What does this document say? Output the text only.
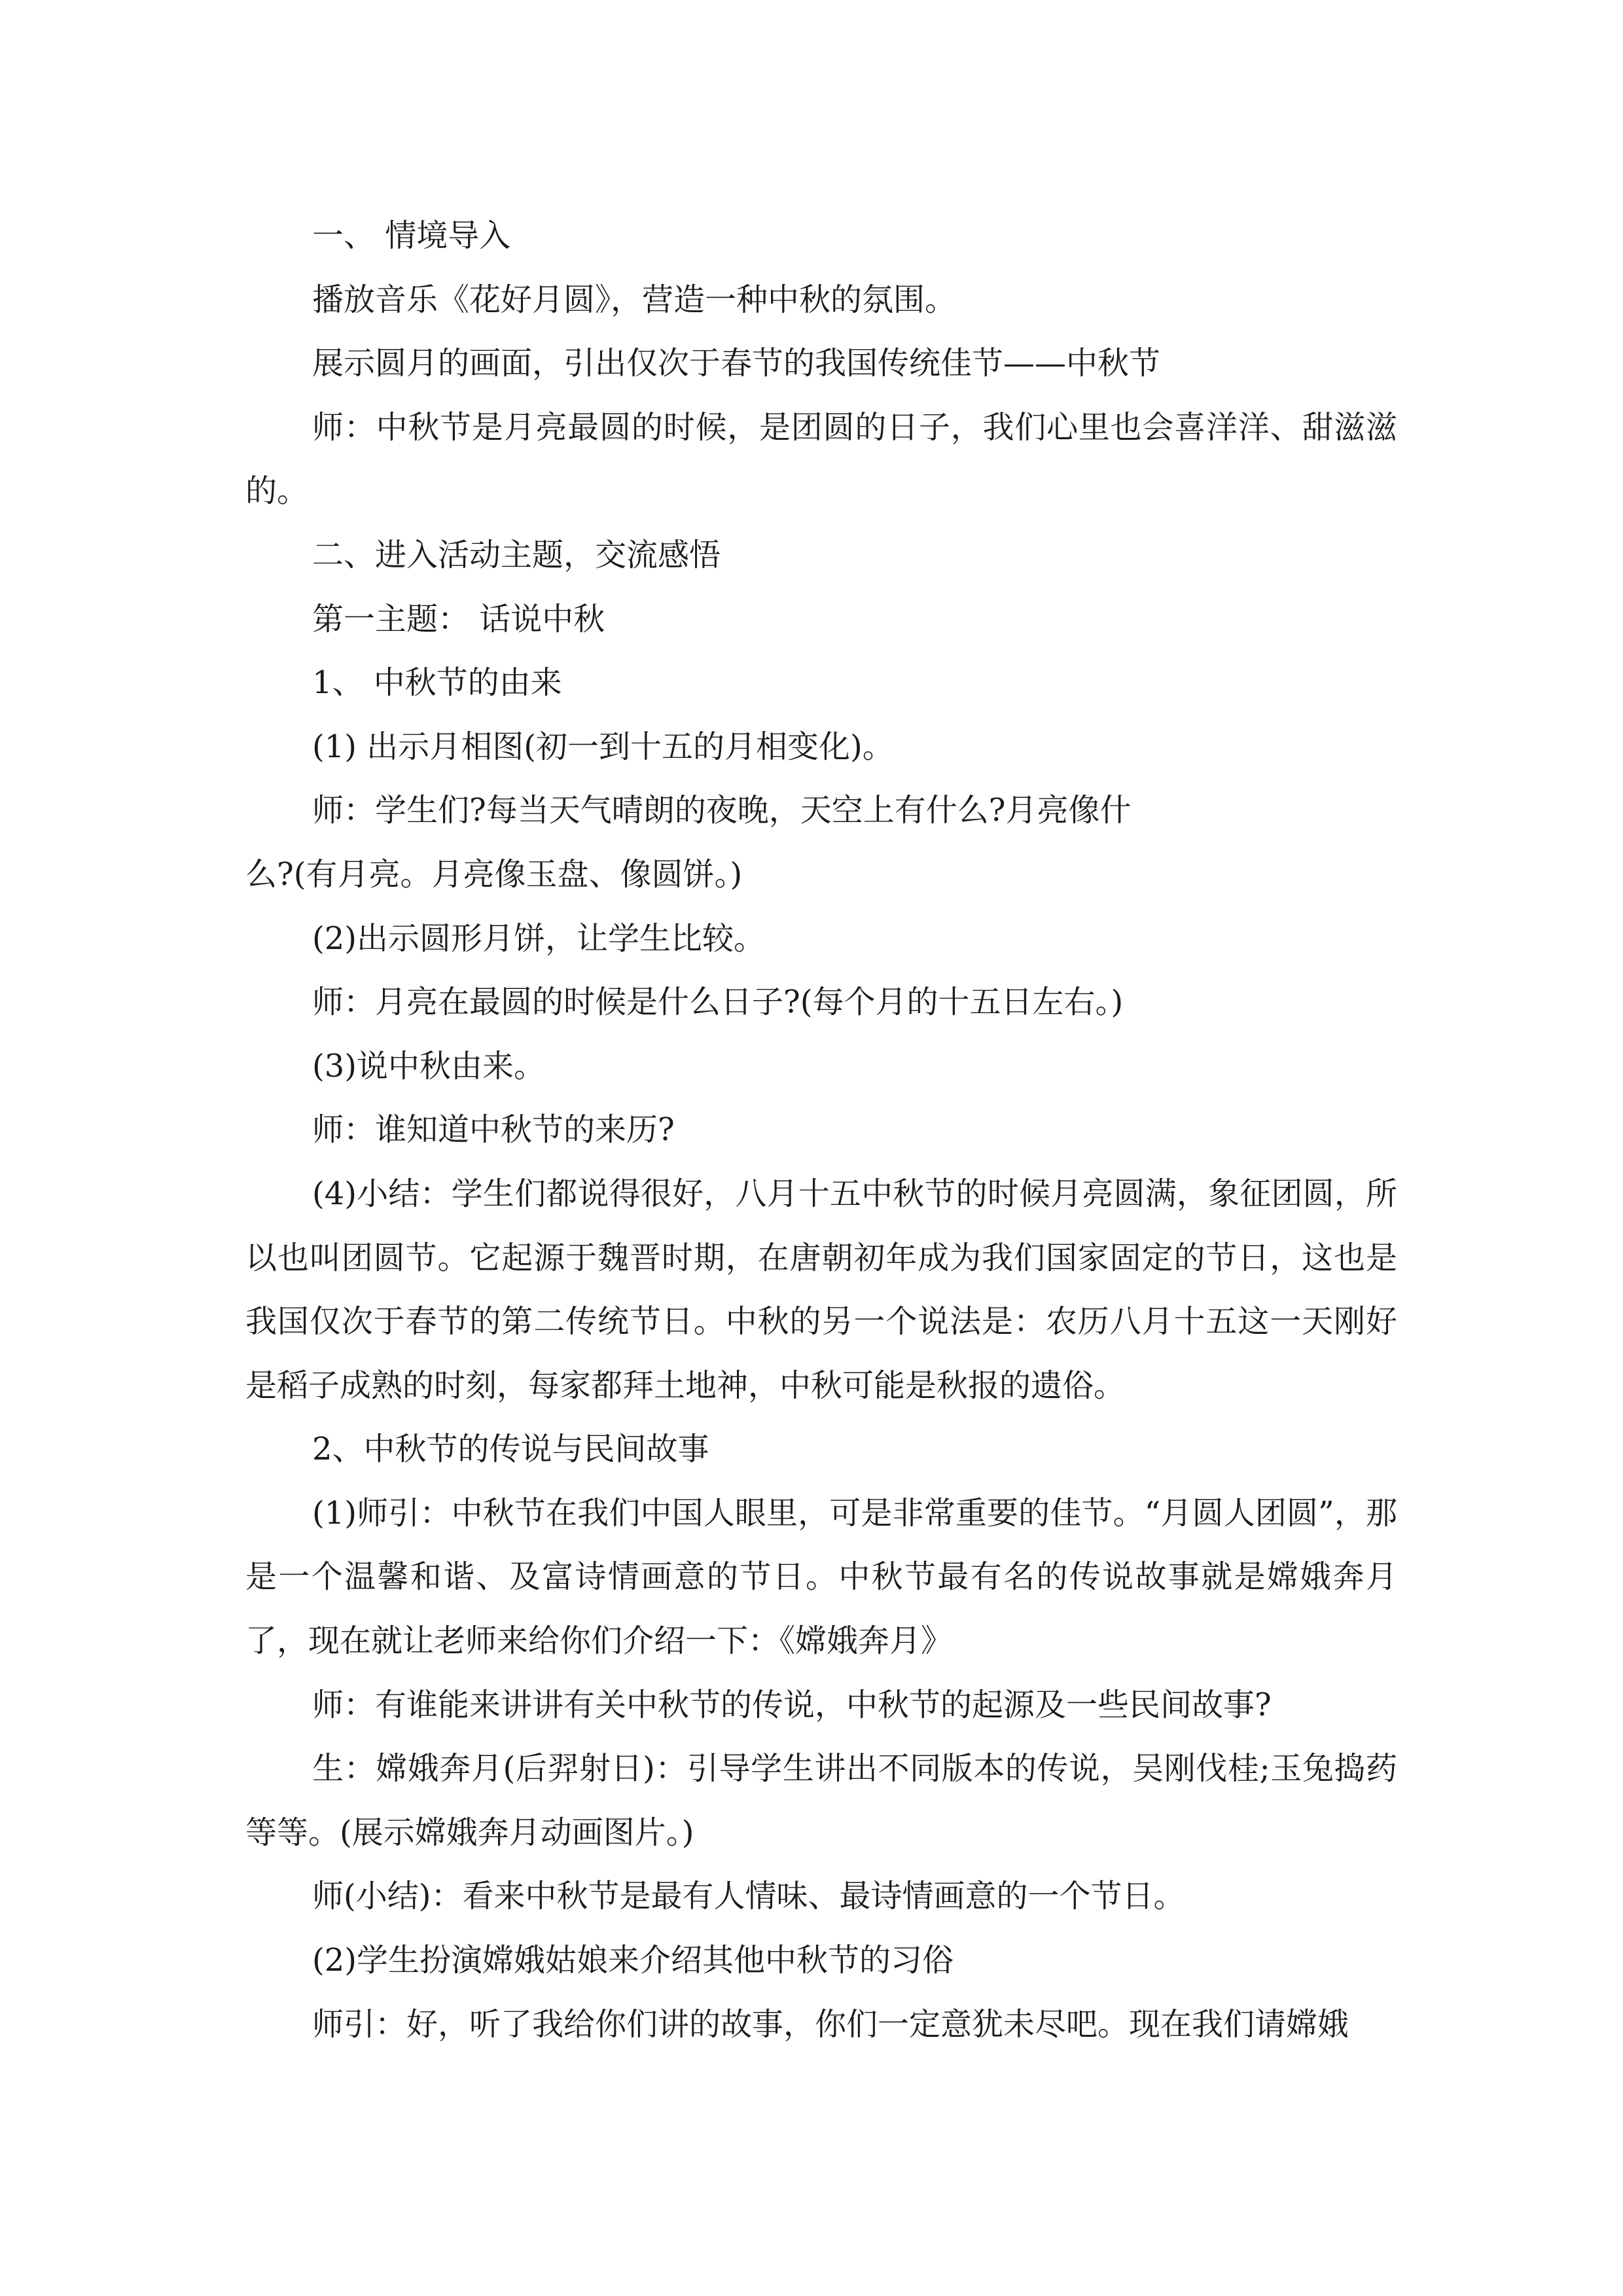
一、 情境导入

播放音乐《花好月圆》，营造一种中秋的氛围。

展示圆月的画面，引出仅次于春节的我国传统佳节——中秋节

师：中秋节是月亮最圆的时候，是团圆的日子，我们心里也会喜洋洋、甜滋滋的。

二、进入活动主题，交流感悟

第一主题： 话说中秋

1、 中秋节的由来

(1) 出示月相图(初一到十五的月相变化)。

师：学生们?每当天气晴朗的夜晚，天空上有什么?月亮像什

么?(有月亮。月亮像玉盘、像圆饼。)

(2)出示圆形月饼，让学生比较。

师：月亮在最圆的时候是什么日子?(每个月的十五日左右。)

(3)说中秋由来。

师：谁知道中秋节的来历?

(4)小结：学生们都说得很好，八月十五中秋节的时候月亮圆满，象征团圆，所以也叫团圆节。它起源于魏晋时期，在唐朝初年成为我们国家固定的节日，这也是我国仅次于春节的第二传统节日。中秋的另一个说法是：农历八月十五这一天刚好是稻子成熟的时刻，每家都拜土地神，中秋可能是秋报的遗俗。

2、中秋节的传说与民间故事

(1)师引：中秋节在我们中国人眼里，可是非常重要的佳节。“月圆人团圆”，那是一个温馨和谐、及富诗情画意的节日。中秋节最有名的传说故事就是嫦娥奔月了，现在就让老师来给你们介绍一下：《嫦娥奔月》

师：有谁能来讲讲有关中秋节的传说，中秋节的起源及一些民间故事?

生：嫦娥奔月(后羿射日)：引导学生讲出不同版本的传说，吴刚伐桂;玉兔捣药等等。(展示嫦娥奔月动画图片。)

师(小结)：看来中秋节是最有人情味、最诗情画意的一个节日。

(2)学生扮演嫦娥姑娘来介绍其他中秋节的习俗

师引：好，听了我给你们讲的故事，你们一定意犹未尽吧。现在我们请嫦娥
